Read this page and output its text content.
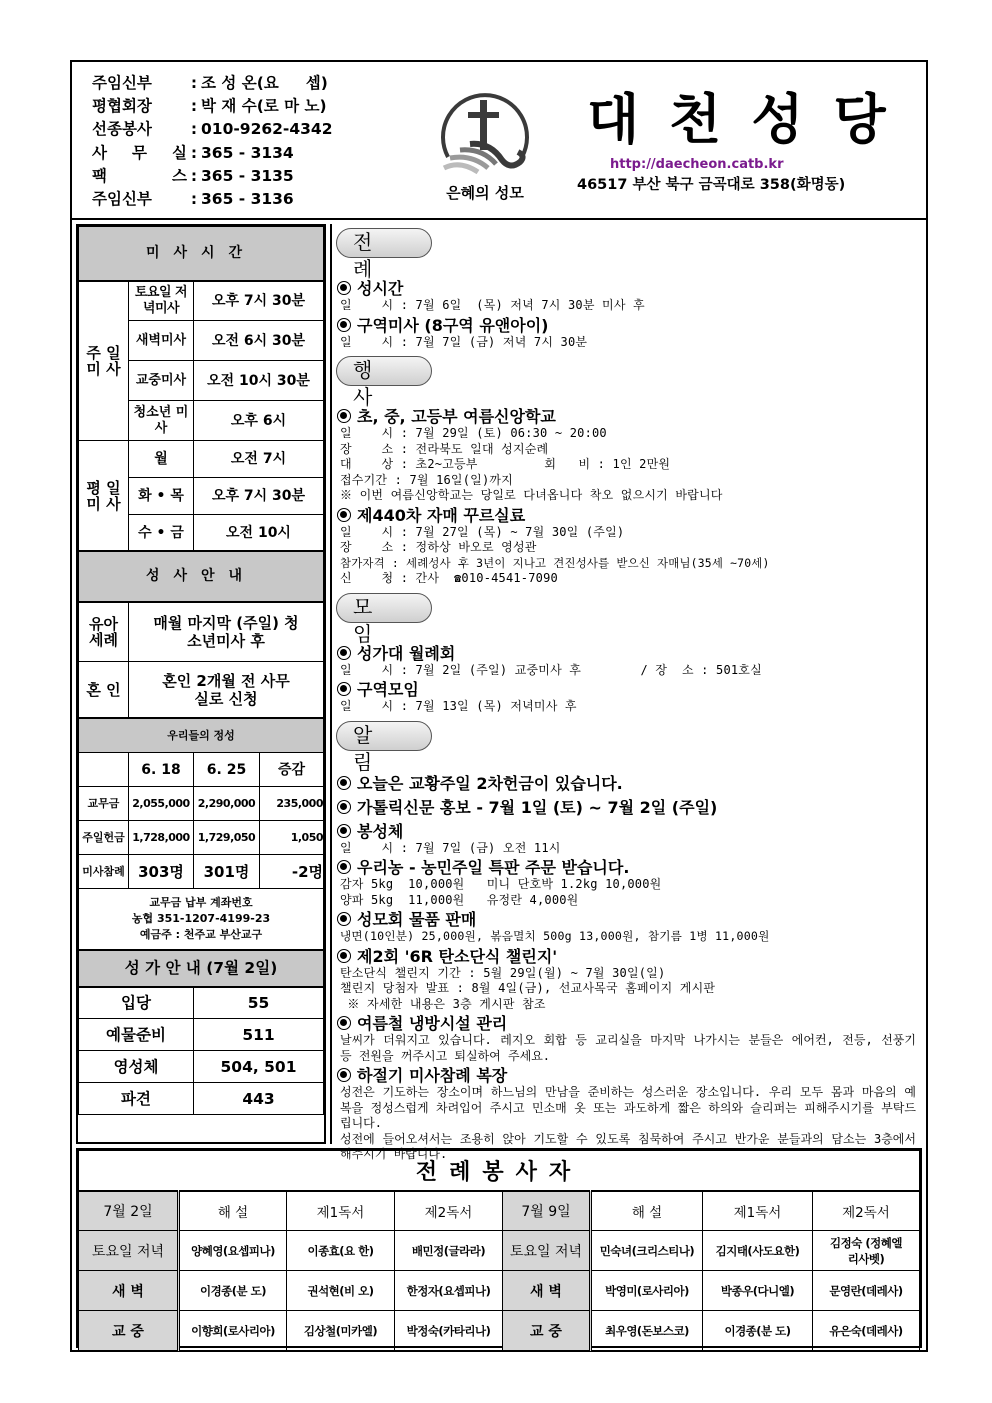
주임신부	: 조 성 온(요     셉)
평협회장	: 박 재 수(로 마 노)
선종봉사	: 010-9262-4342
사 무 실 : 365 - 3134
팩    스 : 365 - 3135
주임신부	: 365 - 3136	은혜의 성모
대천성당
http://daecheon.catb.kr
46517 부산 북구 금곡대로 358(화명동)
미사시간		
주 일 미 사	토요일 저녁미사	오후 7시 30분
	새벽미사	오전 6시 30분
	교중미사	오전 10시 30분
	청소년 미사	오후 6시
평 일 미 사	월	오전 7시
	화 • 목	오후 7시 30분
	수 • 금	오전 10시
성사안내	
유아 세례	매월 마지막 (주일) 청소년미사 후
혼 인	혼인 2개월 전 사무실로 신청
우리들의 정성			
	6. 18	6. 25	증감
교무금	2,055,000	2,290,000	235,000
주일헌금	1,728,000	1,729,050	1,050
미사참례	303명	301명	-2명

교무금 납부 계좌번호
농협 351-1207-4199-23
예금주 : 천주교 부산교구			
성 가 안 내 (7월 2일)	
입당	55
예물준비	511
영성체	504, 501
파견	443
전례
성시간
일    시 : 7월 6일  (목) 저녁 7시 30분 미사 후
구역미사 (8구역 유앤아이)
일    시 : 7월 7일 (금) 저녁 7시 30분
행사
초, 중, 고등부 여름신앙학교
일    시 : 7월 29일 (토) 06:30 ~ 20:00
장    소 : 전라북도 일대 성지순례
대    상 : 초2~고등부         회   비 : 1인 2만원
접수기간 : 7월 16일(일)까지
※ 이번 여름신앙학교는 당일로 다녀옵니다 착오 없으시기 바랍니다
제440차 자매 꾸르실료
일    시 : 7월 27일 (목) ~ 7월 30일 (주일)
장    소 : 정하상 바오로 영성관
참가자격 : 세례성사 후 3년이 지나고 견진성사를 받으신 자매님(35세 ~70세)
신    청 : 간사  ☎010-4541-7090
모임
성가대 월례회
일    시 : 7월 2일 (주일) 교중미사 후        / 장  소 : 501호실
구역모임
일    시 : 7월 13일 (목) 저녁미사 후
알림
오늘은 교황주일 2차헌금이 있습니다.
가톨릭신문 홍보 - 7월 1일 (토) ~ 7월 2일 (주일)
봉성체
일    시 : 7월 7일 (금) 오전 11시
우리농 - 농민주일 특판 주문 받습니다.
감자 5kg  10,000원   미니 단호박 1.2kg 10,000원
양파 5kg  11,000원   유정란 4,000원
성모회 물품 판매
냉면(10인분) 25,000원, 볶음멸치 500g 13,000원, 참기름 1병 11,000원
제2회 '6R 탄소단식 챌린지'
탄소단식 챌린지 기간 : 5월 29일(월) ~ 7월 30일(일)
챌린지 당첨자 발표 : 8월 4일(금), 선교사목국 홈페이지 게시판
※ 자세한 내용은 3층 게시판 참조
여름철 냉방시설 관리
날씨가 더워지고 있습니다. 레지오 회합 등 교리실을 마지막 나가시는 분들은 에어컨, 전등, 선풍기 등 전원을 꺼주시고 퇴실하여 주세요.
하절기 미사참례 복장
성전은 기도하는 장소이며 하느님의 만남을 준비하는 성스러운 장소입니다. 우리 모두 몸과 마음의 예복을 정성스럽게 차려입어 주시고 민소매 옷 또는 과도하게 짧은 하의와 슬리퍼는 피해주시기를 부탁드립니다.
성전에 들어오셔서는 조용히 앉아 기도할 수 있도록 침묵하여 주시고 반가운 분들과의 담소는 3층에서 해주시기 바랍니다.
전례봉사자							
7월 2일	해 설	제1독서	제2독서	7월 9일	해 설	제1독서	제2독서
토요일 저녁	양혜영(요셉피나)	이종효(요 한)	배민정(글라라)	토요일 저녁	민숙녀(크리스티나)	김지태(사도요한)	김정숙 (정혜엘리사벳)
새 벽	이경종(분 도)	권석현(비 오)	한정자(요셉피나)	새 벽	박영미(로사리아)	박종우(다니엘)	문영란(데레사)
교 중	이향희(로사리아)	김상철(미카엘)	박정숙(카타리나)	교 중	최우영(돈보스코)	이경종(분 도)	유은숙(데레사)
